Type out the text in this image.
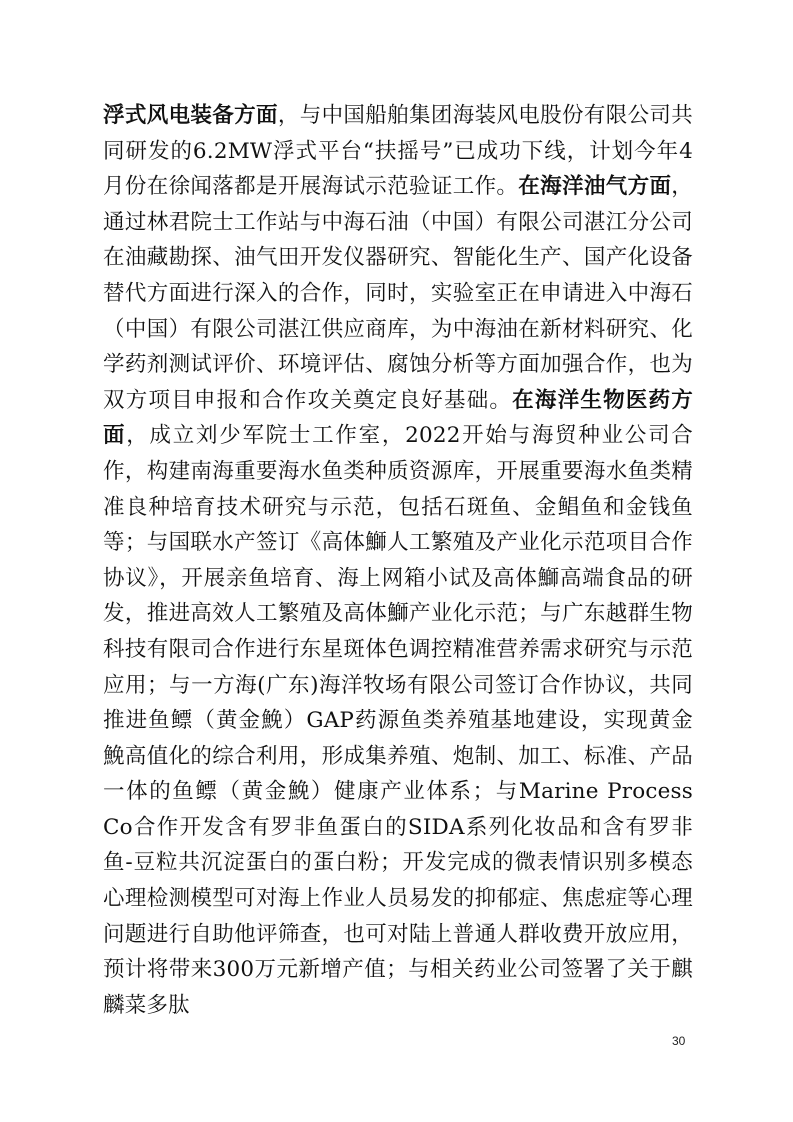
浮式风电装备方面，与中国船舶集团海装风电股份有限公司共同研发的6.2MW浮式平台“扶摇号”已成功下线，计划今年4月份在徐闻落都是开展海试示范验证工作。在海洋油气方面，通过林君院士工作站与中海石油（中国）有限公司湛江分公司在油藏勘探、油气田开发仪器研究、智能化生产、国产化设备替代方面进行深入的合作，同时，实验室正在申请进入中海石（中国）有限公司湛江供应商库，为中海油在新材料研究、化学药剂测试评价、环境评估、腐蚀分析等方面加强合作，也为双方项目申报和合作攻关奠定良好基础。在海洋生物医药方面，成立刘少军院士工作室，2022开始与海贸种业公司合作，构建南海重要海水鱼类种质资源库，开展重要海水鱼类精准良种培育技术研究与示范，包括石斑鱼、金鲳鱼和金钱鱼等；与国联水产签订《高体鰤人工繁殖及产业化示范项目合作协议》，开展亲鱼培育、海上网箱小试及高体鰤高端食品的研发，推进高效人工繁殖及高体鰤产业化示范；与广东越群生物科技有限司合作进行东星斑体色调控精准营养需求研究与示范应用；与一方海(广东)海洋牧场有限公司签订合作协议，共同推进鱼鳔（黄金鮸）GAP药源鱼类养殖基地建设，实现黄金鮸高值化的综合利用，形成集养殖、炮制、加工、标准、产品一体的鱼鳔（黄金鮸）健康产业体系；与Marine Process Co合作开发含有罗非鱼蛋白的SIDA系列化妆品和含有罗非鱼-豆粒共沉淀蛋白的蛋白粉；开发完成的微表情识别多模态心理检测模型可对海上作业人员易发的抑郁症、焦虑症等心理问题进行自助他评筛查，也可对陆上普通人群收费开放应用，预计将带来300万元新增产值；与相关药业公司签署了关于麒麟菜多肽

30
